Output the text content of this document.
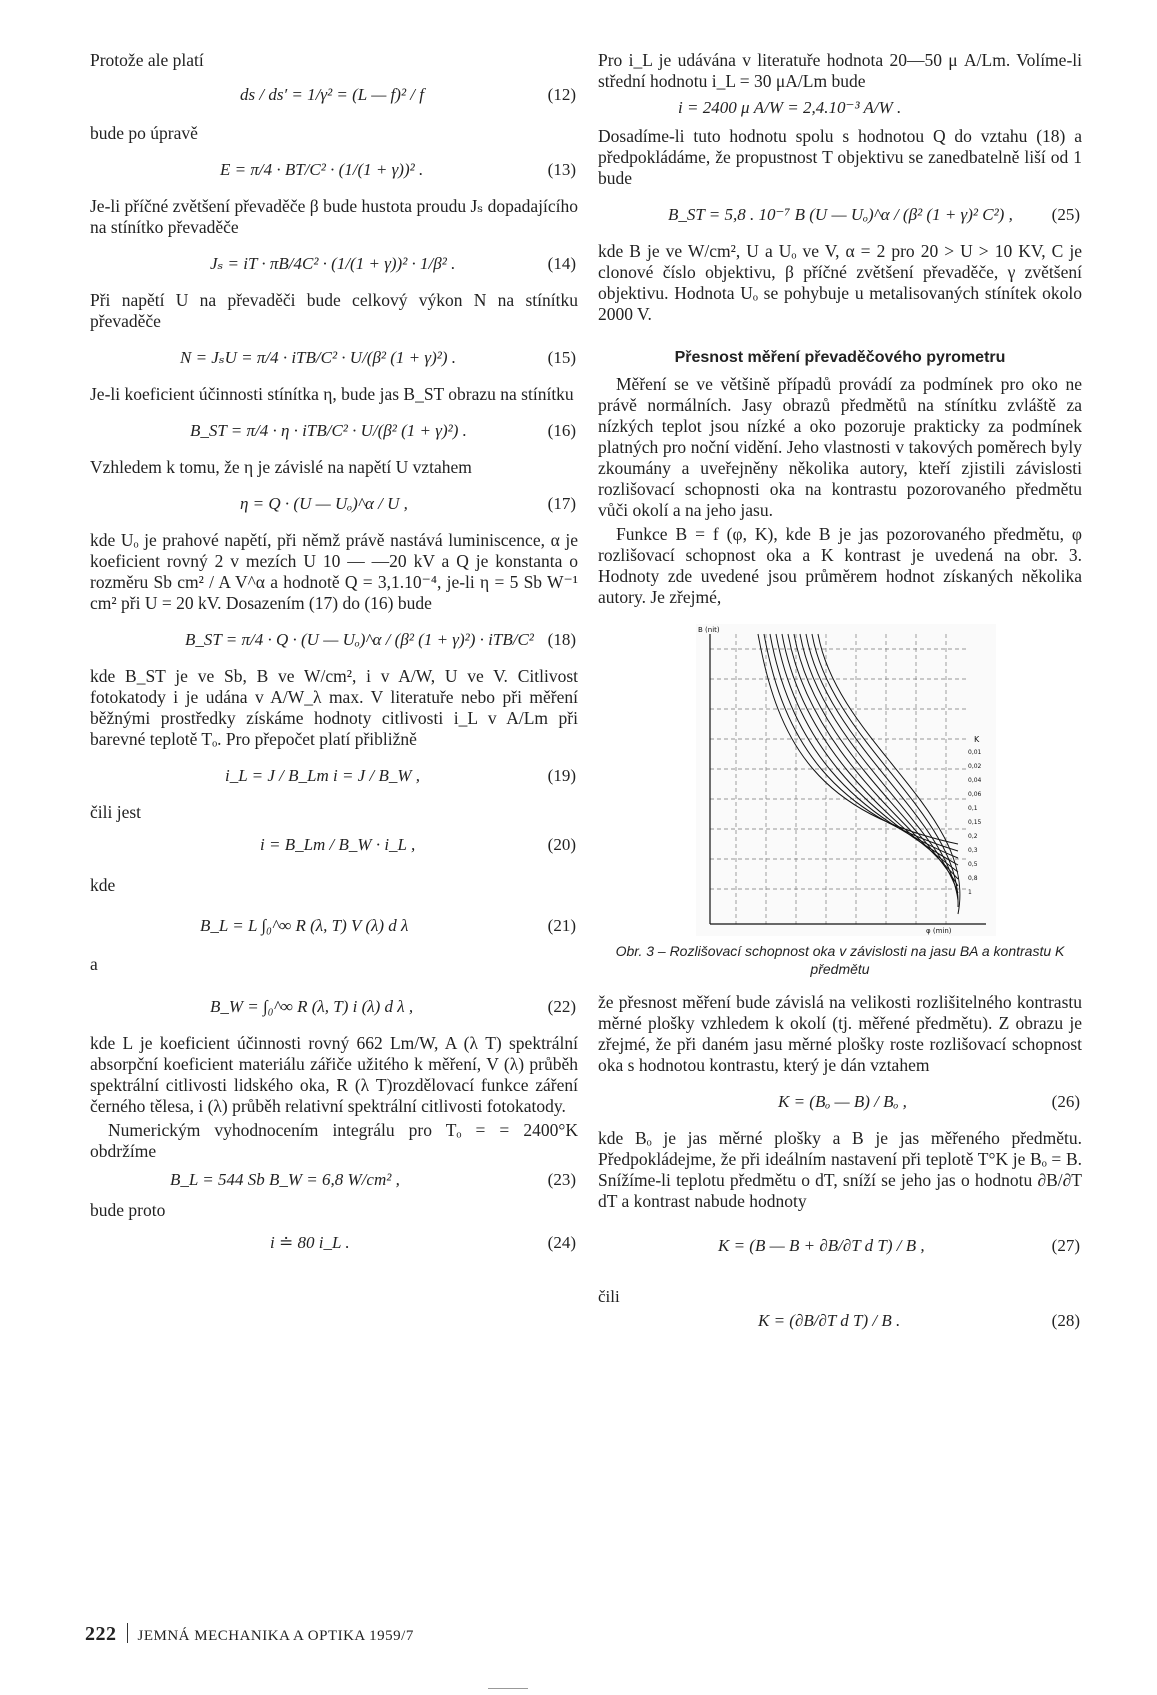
Protože ale platí

ds / ds′ = 1/γ² = (L — f)² / f	(12)

bude po úpravě

E = π/4 · BT/C² · (1/(1 + γ))² .	(13)

Je-li příčné zvětšení převaděče β bude hustota proudu Jₛ dopadajícího na stínítko převaděče

Jₛ = iT · πB/4C² · (1/(1 + γ))² · 1/β² .	(14)

Při napětí U na převaděči bude celkový výkon N na stínítku převaděče

N = JₛU = π/4 · iTB/C² · U/(β² (1 + γ)²) .	(15)

Je-li koeficient účinnosti stínítka η, bude jas B_ST obrazu na stínítku

B_ST = π/4 · η · iTB/C² · U/(β² (1 + γ)²) .	(16)

Vzhledem k tomu, že η je závislé na napětí U vztahem

η = Q · (U — Uₒ)^α / U ,	(17)

kde Uₒ je prahové napětí, při němž právě nastává luminiscence, α je koeficient rovný 2 v mezích U 10 — —20 kV a Q je konstanta o rozměru Sb cm² / A V^α a hodnotě Q = 3,1.10⁻⁴, je-li η = 5 Sb W⁻¹ cm² při U = 20 kV. Dosazením (17) do (16) bude

B_ST = π/4 · Q · (U — Uₒ)^α / (β² (1 + γ)²) · iTB/C² (18)

kde B_ST je ve Sb, B ve W/cm², i v A/W, U ve V. Citlivost fotokatody i je udána v A/W_λ max. V literatuře nebo při měření běžnými prostředky získáme hodnoty citlivosti i_L v A/Lm při barevné teplotě Tₒ. Pro přepočet platí přibližně

i_L = J / B_Lm i = J / B_W ,	(19)

čili jest

i = B_Lm / B_W · i_L ,	(20)

kde

B_L = L ∫₀^∞ R (λ, T) V (λ) d λ	(21)

a

B_W = ∫₀^∞ R (λ, T) i (λ) d λ ,	(22)

kde L je koeficient účinnosti rovný 662 Lm/W, A (λ T) spektrální absorpční koeficient materiálu zářiče užitého k měření, V (λ) průběh spektrální citlivosti lidského oka, R (λ T)rozdělovací funkce záření černého tělesa, i (λ) průběh relativní spektrální citlivosti fotokatody.

Numerickým vyhodnocením integrálu pro Tₒ = = 2400°K obdržíme

B_L = 544 Sb B_W = 6,8 W/cm² ,	(23)

bude proto

i ≐ 80 i_L .	(24)

Pro i_L je udávána v literatuře hodnota 20—50 μ A/Lm. Volíme-li střední hodnotu i_L = 30 μA/Lm bude

i = 2400 μ A/W = 2,4.10⁻³ A/W .

Dosadíme-li tuto hodnotu spolu s hodnotou Q do vztahu (18) a předpokládáme, že propustnost T objektivu se zanedbatelně liší od 1 bude

B_ST = 5,8 . 10⁻⁷ B (U — Uₒ)^α / (β² (1 + γ)² C²) , (25)

kde B je ve W/cm², U a Uₒ ve V, α = 2 pro 20 > U > 10 KV, C je clonové číslo objektivu, β příčné zvětšení převaděče, γ zvětšení objektivu. Hodnota Uₒ se pohybuje u metalisovaných stínítek okolo 2000 V.

Přesnost měření převaděčového pyrometru

Měření se ve většině případů provádí za podmínek pro oko ne právě normálních. Jasy obrazů předmětů na stínítku zvláště za nízkých teplot jsou nízké a oko pozoruje prakticky za podmínek platných pro noční vidění. Jeho vlastnosti v takových poměrech byly zkoumány a uveřejněny několika autory, kteří zjistili závislosti rozlišovací schopnosti oka na kontrastu pozorovaného předmětu vůči okolí a na jeho jasu.

Funkce B = f (φ, K), kde B je jas pozorovaného předmětu, φ rozlišovací schopnost oka a K kontrast je uvedená na obr. 3. Hodnoty zde uvedené jsou průměrem hodnot získaných několika autory. Je zřejmé,

B (nit)
φ (min)
K
0,01
0,02
0,04
0,06
0,1
0,15
0,2
0,3
0,5
0,8
1
Obr. 3 – Rozlišovací schopnost oka v závislosti na jasu BA a kontrastu K předmětu

že přesnost měření bude závislá na velikosti rozlišitelného kontrastu měrné plošky vzhledem k okolí (tj. měřené předmětu). Z obrazu je zřejmé, že při daném jasu měrné plošky roste rozlišovací schopnost oka s hodnotou kontrastu, který je dán vztahem

K = (Bₒ — B) / Bₒ ,	(26)

kde Bₒ je jas měrné plošky a B je jas měřeného předmětu. Předpokládejme, že při ideálním nastavení při teplotě T°K je Bₒ = B. Snížíme-li teplotu předmětu o dT, sníží se jeho jas o hodnotu ∂B/∂T dT a kontrast nabude hodnoty

K = (B — B + ∂B/∂T d T) / B ,	(27)
čili
K = (∂B/∂T d T) / B .	(28)
222 JEMNÁ MECHANIKA A OPTIKA 1959/7
